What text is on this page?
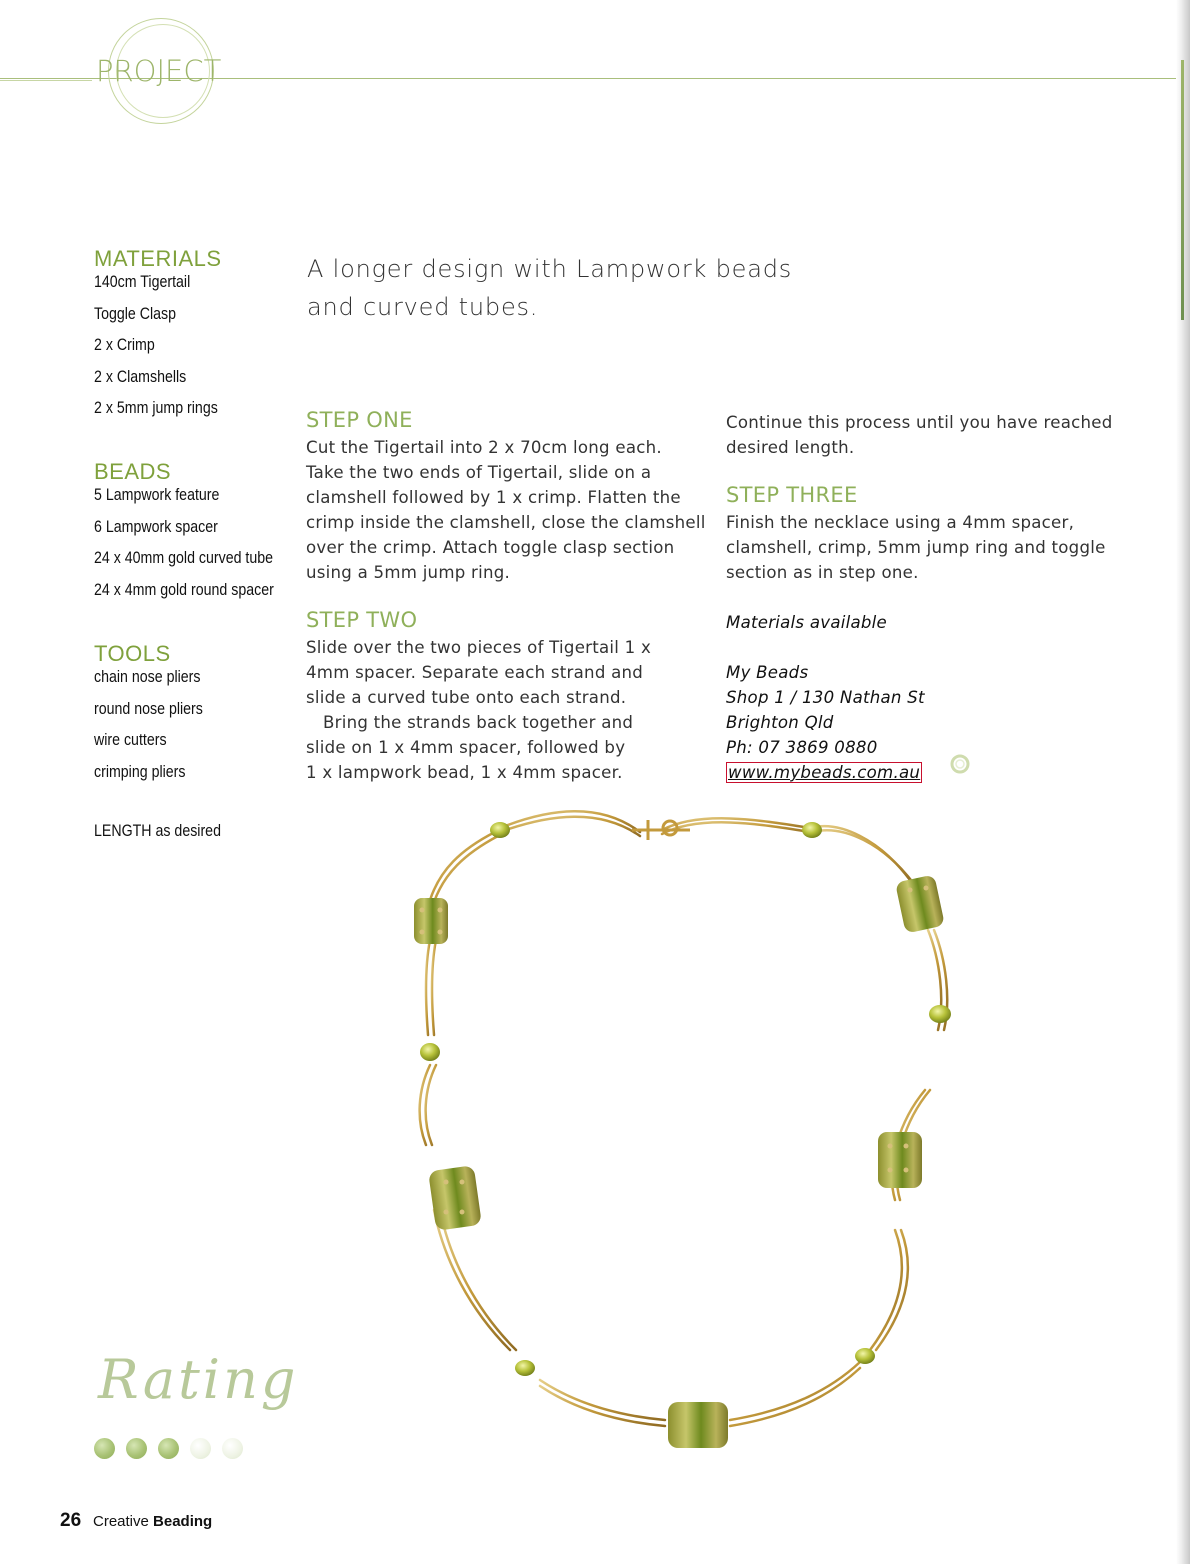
PROJECT
MATERIALS
140cm Tigertail
Toggle Clasp
2 x Crimp
2 x Clamshells
2 x 5mm jump rings
BEADS
5 Lampwork feature
6 Lampwork spacer
24 x 40mm gold curved tube
24 x 4mm gold round spacer
TOOLS
chain nose pliers
round nose pliers
wire cutters
crimping pliers
LENGTH as desired
A longer design with Lampwork beads
and curved tubes.
STEP ONE

Cut the Tigertail into 2 x 70cm long each.

Take the two ends of Tigertail, slide on a

clamshell followed by 1 x crimp. Flatten the

crimp inside the clamshell, close the clamshell

over the crimp. Attach toggle clasp section

using a 5mm jump ring.

STEP TWO

Slide over the two pieces of Tigertail 1 x

4mm spacer. Separate each strand and

slide a curved tube onto each strand.

Bring the strands back together and

slide on 1 x 4mm spacer, followed by

1 x lampwork bead, 1 x 4mm spacer.

Continue this process until you have reached

desired length.

STEP THREE

Finish the necklace using a 4mm spacer,

clamshell, crimp, 5mm jump ring and toggle

section as in step one.

Materials available

My Beads

Shop 1 / 130 Nathan St

Brighton Qld

Ph: 07 3869 0880

www.mybeads.com.au

Rating
26 Creative Beading
